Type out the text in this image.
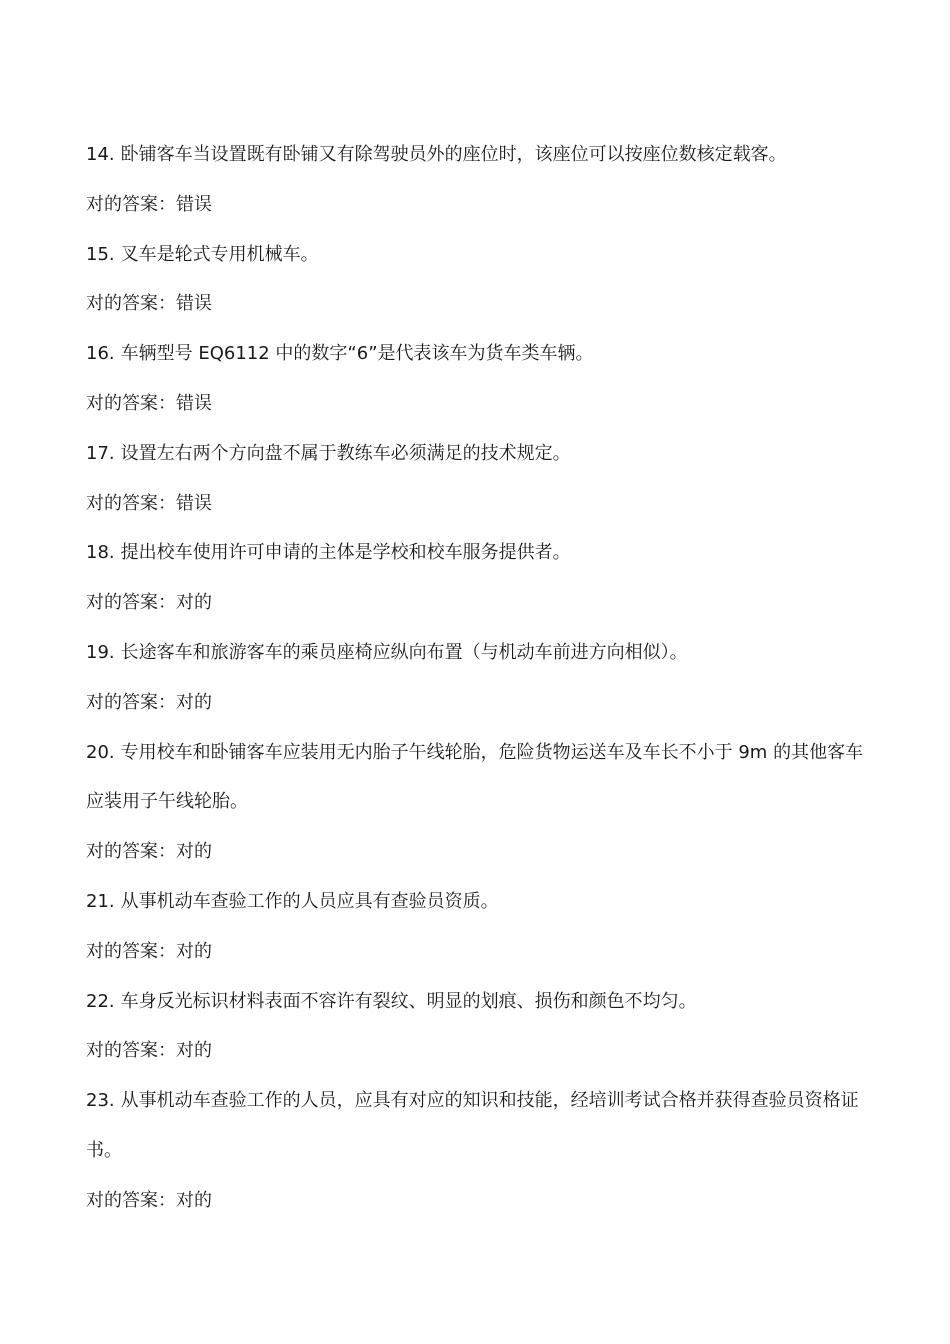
14. 卧铺客车当设置既有卧铺又有除驾驶员外的座位时，该座位可以按座位数核定载客。

对的答案：错误

15. 叉车是轮式专用机械车。

对的答案：错误

16. 车辆型号 EQ6112 中的数字“6”是代表该车为货车类车辆。

对的答案：错误

17. 设置左右两个方向盘不属于教练车必须满足的技术规定。

对的答案：错误

18. 提出校车使用许可申请的主体是学校和校车服务提供者。

对的答案：对的

19. 长途客车和旅游客车的乘员座椅应纵向布置（与机动车前进方向相似）。

对的答案：对的

20. 专用校车和卧铺客车应装用无内胎子午线轮胎，危险货物运送车及车长不小于 9m 的其他客车应装用子午线轮胎。

对的答案：对的

21. 从事机动车查验工作的人员应具有查验员资质。

对的答案：对的

22. 车身反光标识材料表面不容许有裂纹、明显的划痕、损伤和颜色不均匀。

对的答案：对的

23. 从事机动车查验工作的人员，应具有对应的知识和技能，经培训考试合格并获得查验员资格证书。

对的答案：对的
